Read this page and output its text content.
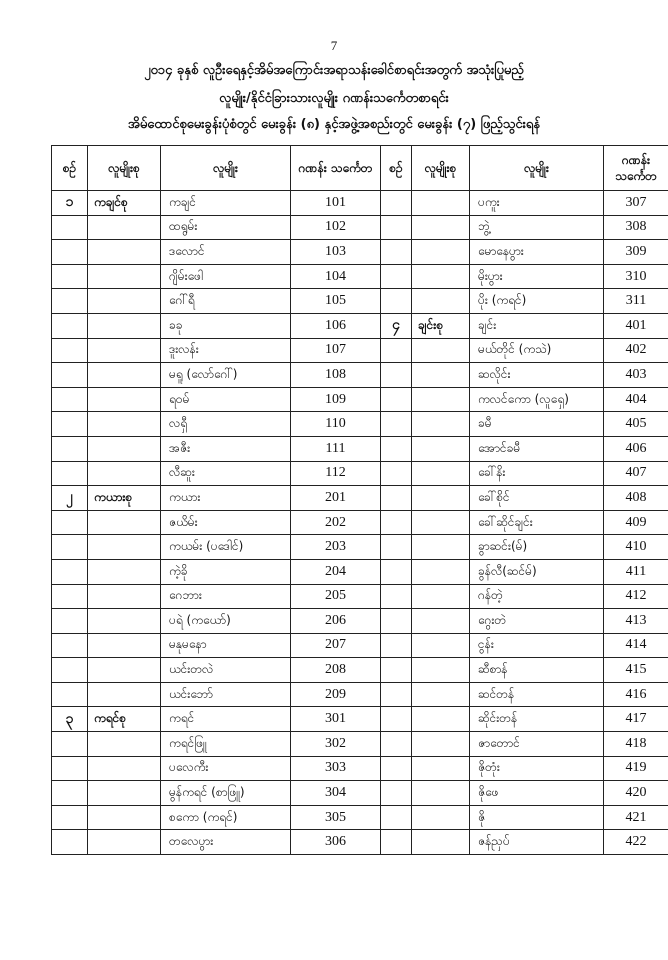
7
၂၀၁၄ ခုနှစ် လူဦးရေနှင့်အိမ်အကြောင်းအရာသန်းခေါင်စာရင်းအတွက် အသုံးပြုမည့်
လူမျိုး/နိုင်ငံခြားသားလူမျိုး ဂဏန်းသင်္ကေတစာရင်း
အိမ်ထောင်စုမေးခွန်းပုံစံတွင် မေးခွန်း (၈) နှင့်အဖွဲ့အစည်းတွင် မေးခွန်း (၇) ဖြည့်သွင်းရန်
စဥ်	လူမျိုးစု	လူမျိုး	ဂဏန်း သင်္ကေတ	စဥ်	လူမျိုးစု	လူမျိုး	ဂဏန်း သင်္ကေတ
၁	ကချင်စု	ကချင်	101			ပကူး	307
		ထရွမ်း	102			ဘွဲ့	308
		ဒလောင်	103			မောနေပွား	309
		ဂျိမ်းဖေါ	104			မိုးပွား	310
		ဂေါ်ရီ	105			ပိုး (ကရင်)	311
		ခခု	106	၄	ချင်းစု	ချင်း	401
		ဒူးလန်း	107			မယ်တိုင် (ကသဲ)	402
		မရူ (လော်ဂေါ်)	108			ဆလိုင်း	403
		ရဝမ်	109			ကလင်ကော (လူရှေ)	404
		လရှီ	110			ခမီ	405
		အဇီး	111			အောင်ခမီ	406
		လီဆူး	112			ခေါ်နိး	407
၂	ကယားစု	ကယား	201			ခေါ်စိုင်	408
		ဇယိမ်း	202			ခေါ်ဆိုင်ချင်း	409
		ကယမ်း (ပဒေါင်)	203			ခွာဆင်း(မ်)	410
		ကဲ့ခို	204			ခွန်လီ(ဆင်မ်)	411
		ဂေဘား	205			ဂန်တဲ့	412
		ပရဲ (ကယော်)	206			ဂွေးတဲ	413
		မနုမနော	207			ငွန်း	414
		ယင်းတလဲ	208			ဆီစာန်	415
		ယင်းဘော်	209			ဆင်တန်	416
၃	ကရင်စု	ကရင်	301			ဆိုင်းတန်	417
		ကရင်ဖြူ	302			ဇာတောင်	418
		ပလေကီး	303			ဇိုတုံး	419
		မွန်ကရင် (စာဖြူ)	304			ဇိုဖေ	420
		စကော (ကရင်)	305			ဇို	421
		တလေပွား	306			ဇန်ညှပ်	422
